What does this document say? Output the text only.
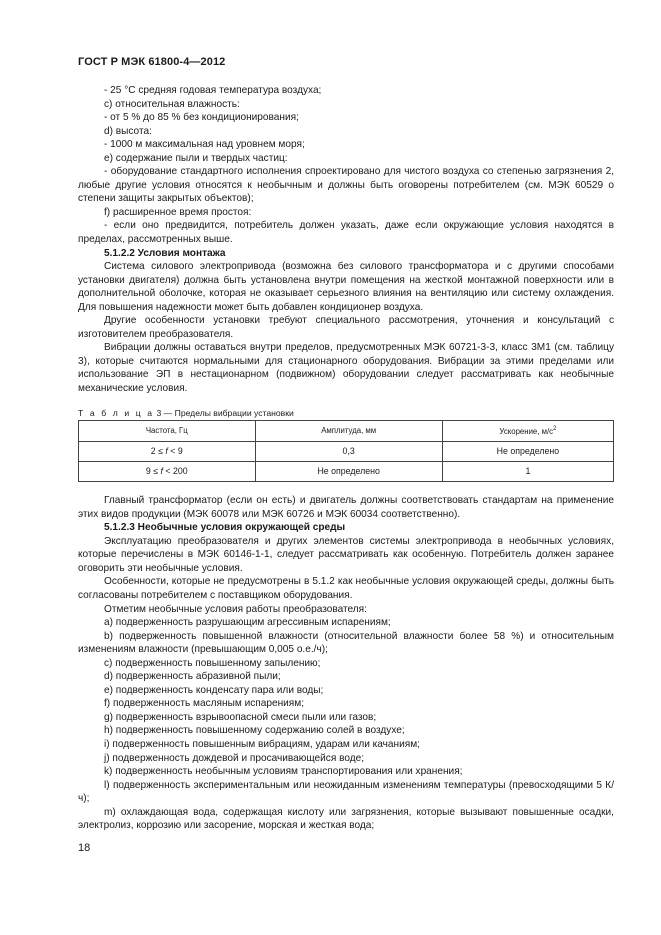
ГОСТ Р МЭК 61800-4—2012

- 25 °С средняя годовая температура воздуха;

с) относительная влажность:

- от 5 % до 85 % без кондиционирования;

d) высота:

- 1000 м максимальная над уровнем моря;

е) содержание пыли и твердых частиц:

- оборудование стандартного исполнения спроектировано для чистого воздуха со степенью загрязнения 2, любые другие условия относятся к необычным и должны быть оговорены потребителем (см. МЭК 60529 о степени защиты закрытых объектов);

f) расширенное время простоя:

- если оно предвидится, потребитель должен указать, даже если окружающие условия находятся в пределах, рассмотренных выше.

5.1.2.2 Условия монтажа

Система силового электропривода (возможна без силового трансформатора и с другими способами установки двигателя) должна быть установлена внутри помещения на жесткой монтажной поверхности или в дополнительной оболочке, которая не оказывает серьезного влияния на вентиляцию или систему охлаждения. Для повышения надежности может быть добавлен кондиционер воздуха.

Другие особенности установки требуют специального рассмотрения, уточнения и консультаций с изготовителем преобразователя.

Вибрации должны оставаться внутри пределов, предусмотренных МЭК 60721-3-3, класс 3М1 (см. таблицу 3), которые считаются нормальными для стационарного оборудования. Вибрации за этими пределами или использование ЭП в нестационарном (подвижном) оборудовании следует рассматривать как необычные механические условия.

Т а б л и ц а 3 — Пределы вибрации установки

Частота, Гц	Амплитуда, мм	Ускорение, $м/с^2$
2 ≤ f < 9	0,3	Не определено
9 ≤ f < 200	Не определено	1

Главный трансформатор (если он есть) и двигатель должны соответствовать стандартам на применение этих видов продукции (МЭК 60078 или МЭК 60726 и МЭК 60034 соответственно).

5.1.2.3 Необычные условия окружающей среды

Эксплуатацию преобразователя и других элементов системы электропривода в необычных условиях, которые перечислены в МЭК 60146-1-1, следует рассматривать как особенную. Потребитель должен заранее оговорить эти необычные условия.

Особенности, которые не предусмотрены в 5.1.2 как необычные условия окружающей среды, должны быть согласованы потребителем с поставщиком оборудования.

Отметим необычные условия работы преобразователя:

а) подверженность разрушающим агрессивным испарениям;

b) подверженность повышенной влажности (относительной влажности более 58 %) и относительным изменениям влажности (превышающим 0,005 о.е./ч);

c) подверженность повышенному запылению;

d) подверженность абразивной пыли;

е) подверженность конденсату пара или воды;

f) подверженность масляным испарениям;

g) подверженность взрывоопасной смеси пыли или газов;

h) подверженность повышенному содержанию солей в воздухе;

i) подверженность повышенным вибрациям, ударам или качаниям;

j) подверженность дождевой и просачивающейся воде;

k) подверженность необычным условиям транспортирования или хранения;

l) подверженность экспериментальным или неожиданным изменениям температуры (превосходящими 5 К/ч);

m) охлаждающая вода, содержащая кислоту или загрязнения, которые вызывают повышенные осадки, электролиз, коррозию или засорение, морская и жесткая вода;

18
